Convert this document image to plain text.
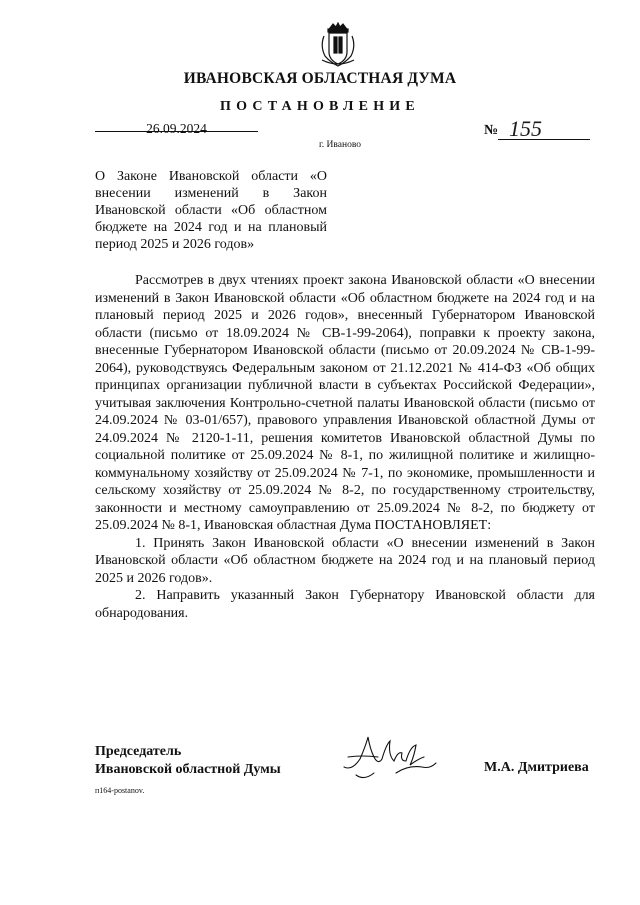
ИВАНОВСКАЯ ОБЛАСТНАЯ ДУМА
ПОСТАНОВЛЕНИЕ
26.09.2024	№ 155
г. Иваново
О Законе Ивановской области «О внесении изменений в Закон Ивановской области «Об областном бюджете на 2024 год и на плановый период 2025 и 2026 годов»

Рассмотрев в двух чтениях проект закона Ивановской области «О внесении изменений в Закон Ивановской области «Об областном бюджете на 2024 год и на плановый период 2025 и 2026 годов», внесенный Губернатором Ивановской области (письмо от 18.09.2024 № СВ-1-99-2064), поправки к проекту закона, внесенные Губернатором Ивановской области (письмо от 20.09.2024 № СВ-1-99-2064), руководствуясь Федеральным законом от 21.12.2021 № 414-ФЗ «Об общих принципах организации публичной власти в субъектах Российской Федерации», учитывая заключения Контрольно-счетной палаты Ивановской области (письмо от 24.09.2024 № 03-01/657), правового управления Ивановской областной Думы от 24.09.2024 № 2120-1-11, решения комитетов Ивановской областной Думы по социальной политике от 25.09.2024 № 8-1, по жилищной политике и жилищно-коммунальному хозяйству от 25.09.2024 № 7-1, по экономике, промышленности и сельскому хозяйству от 25.09.2024 № 8-2, по государственному строительству, законности и местному самоуправлению от 25.09.2024 № 8-2, по бюджету от 25.09.2024 № 8-1, Ивановская областная Дума ПОСТАНОВЛЯЕТ:

1. Принять Закон Ивановской области «О внесении изменений в Закон Ивановской области «Об областном бюджете на 2024 год и на плановый период 2025 и 2026 годов».

2. Направить указанный Закон Губернатору Ивановской области для обнародования.

Председатель
Ивановской областной Думы	М.А. Дмитриева
п164-postanov.
